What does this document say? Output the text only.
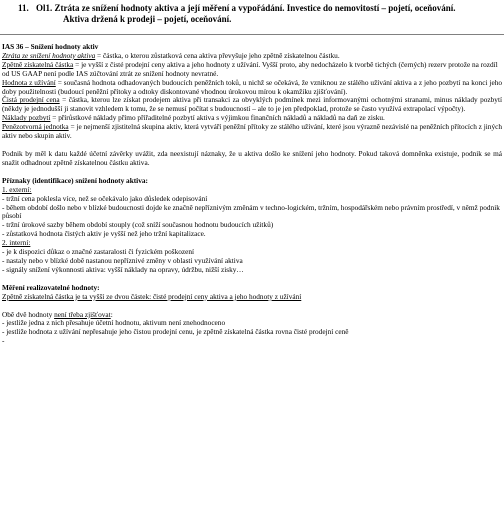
11. Ol1. Ztráta ze snížení hodnoty aktiva a její měření a vypořádání. Investice do nemovitostí – pojetí, oceňování.
Aktiva držená k prodeji – pojetí, oceňování.

IAS 36 – Snížení hodnoty aktiv

Ztráta ze snížení hodnoty aktiva = částka, o kterou zůstatková cena aktiva převyšuje jeho zpětně získatelnou částku.

Zpětně získatelná částka = je vyšší z čisté prodejní ceny aktiva a jeho hodnoty z užívání. Vyšší proto, aby nedocházelo k tvorbě tichých (černých) rezerv protože na rozdíl od US GAAP není podle IAS zúčtování ztrát ze snížení hodnoty nevratné.

Hodnota z užívání = současná hodnota odhadovaných budoucích peněžních toků, u nichž se očekává, že vzniknou ze stálého užívání aktiva a z jeho pozbytí na konci jeho doby použitelnosti (budoucí peněžní přítoky a odtoky diskontované vhodnou úrokovou mírou k okamžiku zjišťování).

Čistá prodejní cena = částka, kterou lze získat prodejem aktiva při transakci za obvyklých podmínek mezi informovanými ochotnými stranami, minus náklady pozbytí (někdy je jednodušší ji stanovit vzhledem k tomu, že se nemusí počítat s budoucností – ale to je jen předpoklad, protože se často využívá extrapolací výpočty).

Náklady pozbytí = přírůstkové náklady přímo přiřaditelné pozbytí aktiva s výjimkou finančních nákladů a nákladů na daň ze zisku.

Penězotvorná jednotka = je nejmenší zjistitelná skupina aktiv, která vytváří peněžní přítoky ze stálého užívání, které jsou výrazně nezávislé na peněžních přítocích z jiných aktiv nebo skupin aktiv.

Podnik by měl k datu každé účetní závěrky uvážit, zda neexistují náznaky, že u aktiva došlo ke snížení jeho hodnoty. Pokud taková domněnka existuje, podnik se má snažit odhadnout zpětně získatelnou částku aktiva.

Příznaky (identifikace) snížení hodnoty aktiva:

1. externí:

- tržní cena poklesla více, než se očekávalo jako důsledek odepisování

- během období došlo nebo v blízké budoucnosti dojde ke značně nepříznivým změnám v techno-logickém, tržním, hospodářském nebo právním prostředí, v němž podnik působí

- tržní úrokové sazby během období stouply (což sníží současnou hodnotu budoucích užitků)

- zůstatková hodnota čistých aktiv je vyšší než jeho tržní kapitalizace.

2. interní:

- je k dispozici důkaz o značné zastaralosti či fyzickém poškození

- nastaly nebo v blízké době nastanou nepříznivé změny v oblasti využívání aktiva

- signály snížení výkonnosti aktiva: vyšší náklady na opravy, údržbu, nižší zisky…

Měření realizovatelné hodnoty:

Zpětně získatelná částka je ta vyšší ze dvou částek: čisté prodejní ceny aktiva a jeho hodnoty z užívání

Obě dvě hodnoty není třeba zjišťovat:

- jestliže jedna z nich přesahuje účetní hodnotu, aktivum není znehodnoceno

- jestliže hodnota z užívání nepřesahuje jeho čistou prodejní cenu, je zpětně získatelná částka rovna čisté prodejní ceně

-
